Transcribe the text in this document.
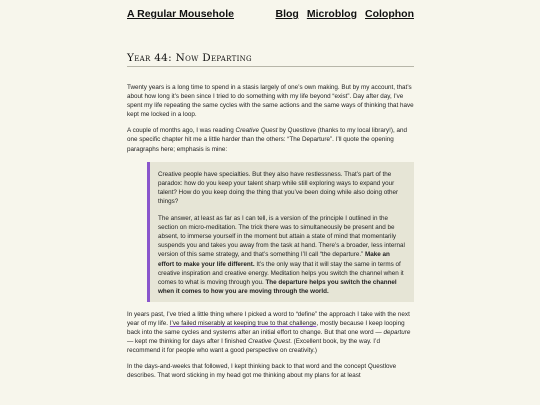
A Regular Mousehole	Blog Microblog Colophon
Year 44: Now Departing

Twenty years is a long time to spend in a stasis largely of one’s own making. But by my account, that’s about how long it’s been since I tried to do something with my life beyond “exist”. Day after day, I’ve spent my life repeating the same cycles with the same actions and the same ways of thinking that have kept me locked in a loop.

A couple of months ago, I was reading Creative Quest by Questlove (thanks to my local library!), and one specific chapter hit me a little harder than the others: “The Departure”. I’ll quote the opening paragraphs here; emphasis is mine:

Creative people have specialties. But they also have restlessness. That’s part of the paradox: how do you keep your talent sharp while still exploring ways to expand your talent? How do you keep doing the thing that you’ve been doing while also doing other things?

The answer, at least as far as I can tell, is a version of the principle I outlined in the section on micro-meditation. The trick there was to simultaneously be present and be absent, to immerse yourself in the moment but attain a state of mind that momentarily suspends you and takes you away from the task at hand. There’s a broader, less internal version of this same strategy, and that’s something I’ll call “the departure.” Make an effort to make your life different. It’s the only way that it will stay the same in terms of creative inspiration and creative energy. Meditation helps you switch the channel when it comes to what is moving through you. The departure helps you switch the channel when it comes to how you are moving through the world.

In years past, I’ve tried a little thing where I picked a word to “define” the approach I take with the next year of my life. I’ve failed miserably at keeping true to that challenge, mostly because I keep looping back into the same cycles and systems after an initial effort to change. But that one word — departure — kept me thinking for days after I finished Creative Quest. (Excellent book, by the way. I’d recommend it for people who want a good perspective on creativity.)

In the days-and-weeks that followed, I kept thinking back to that word and the concept Questlove describes. That word sticking in my head got me thinking about my plans for at least
